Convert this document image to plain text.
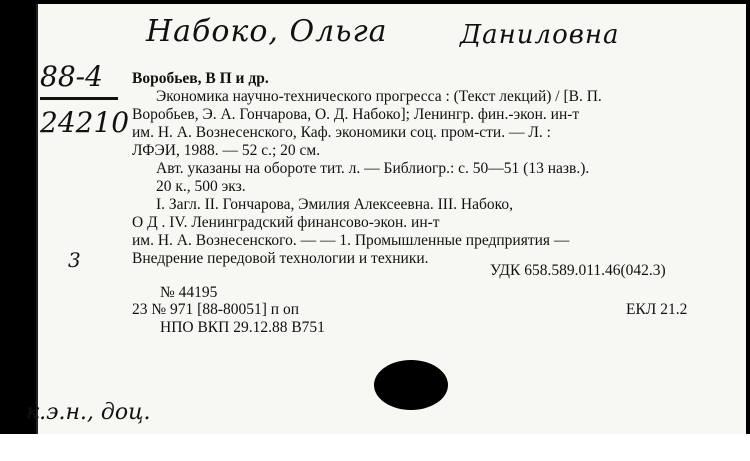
Набоко, Ольга	Даниловна
88-4
24210
3
Воробьев, В П и др.
Экономика научно-технического прогресса : (Текст лекций) / [В. П.
Воробьев, Э. А. Гончарова, О. Д. Набоко]; Ленингр. фин.-экон. ин-т
им. Н. А. Вознесенского, Каф. экономики соц. пром-сти. — Л. :
ЛФЭИ, 1988. — 52 с.; 20 см.
Авт. указаны на обороте тит. л. — Библиогр.: с. 50—51 (13 назв.).
20 к., 500 экз.
I. Загл. II. Гончарова, Эмилия Алексеевна. III. Набоко,
О Д . IV. Ленинградский финансово-экон. ин-т
им. Н. А. Вознесенского. — — 1. Промышленные предприятия —
Внедрение передовой технологии и техники.
УДК 658.589.011.46(042.3)
№ 44195
23 № 971 [88-80051] п оп	ЕКЛ 21.2
НПО ВКП 29.12.88 В751
к.э.н., доц.
